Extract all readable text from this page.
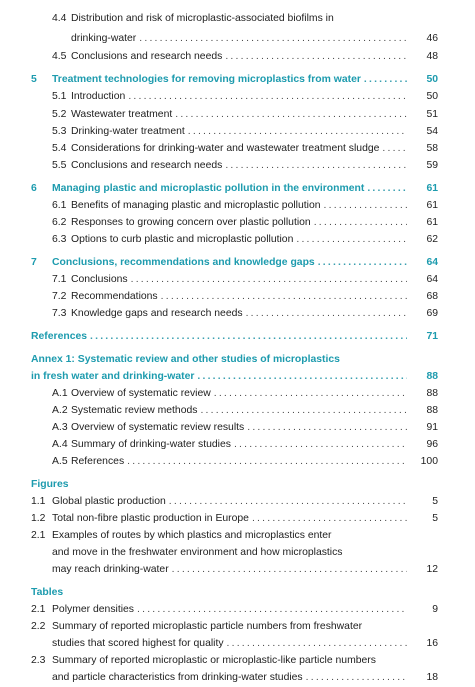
4.4 Distribution and risk of microplastic-associated biofilms in
drinking-water .....	46
4.5 Conclusions and research needs .....	48
5	Treatment technologies for removing microplastics from water .....	50
5.1 Introduction .....	50
5.2 Wastewater treatment .....	51
5.3 Drinking-water treatment .....	54
5.4 Considerations for drinking-water and wastewater treatment sludge .....	58
5.5 Conclusions and research needs .....	59
6	Managing plastic and microplastic pollution in the environment .....	61
6.1 Benefits of managing plastic and microplastic pollution .....	61
6.2 Responses to growing concern over plastic pollution .....	61
6.3 Options to curb plastic and microplastic pollution .....	62
7	Conclusions, recommendations and knowledge gaps .....	64
7.1 Conclusions .....	64
7.2 Recommendations .....	68
7.3 Knowledge gaps and research needs .....	69
References .....	71
Annex 1: Systematic review and other studies of microplastics
in fresh water and drinking-water .....	88
A.1 Overview of systematic review .....	88
A.2 Systematic review methods .....	88
A.3 Overview of systematic review results .....	91
A.4 Summary of drinking-water studies .....	96
A.5 References .....	100
Figures
1.1 Global plastic production .....	5
1.2 Total non-fibre plastic production in Europe .....	5
2.1 Examples of routes by which plastics and microplastics enter
and move in the freshwater environment and how microplastics
may reach drinking-water .....	12
Tables
2.1 Polymer densities .....	9
2.2 Summary of reported microplastic particle numbers from freshwater
studies that scored highest for quality .....	16
2.3 Summary of reported microplastic or microplastic-like particle numbers
and particle characteristics from drinking-water studies .....	18
